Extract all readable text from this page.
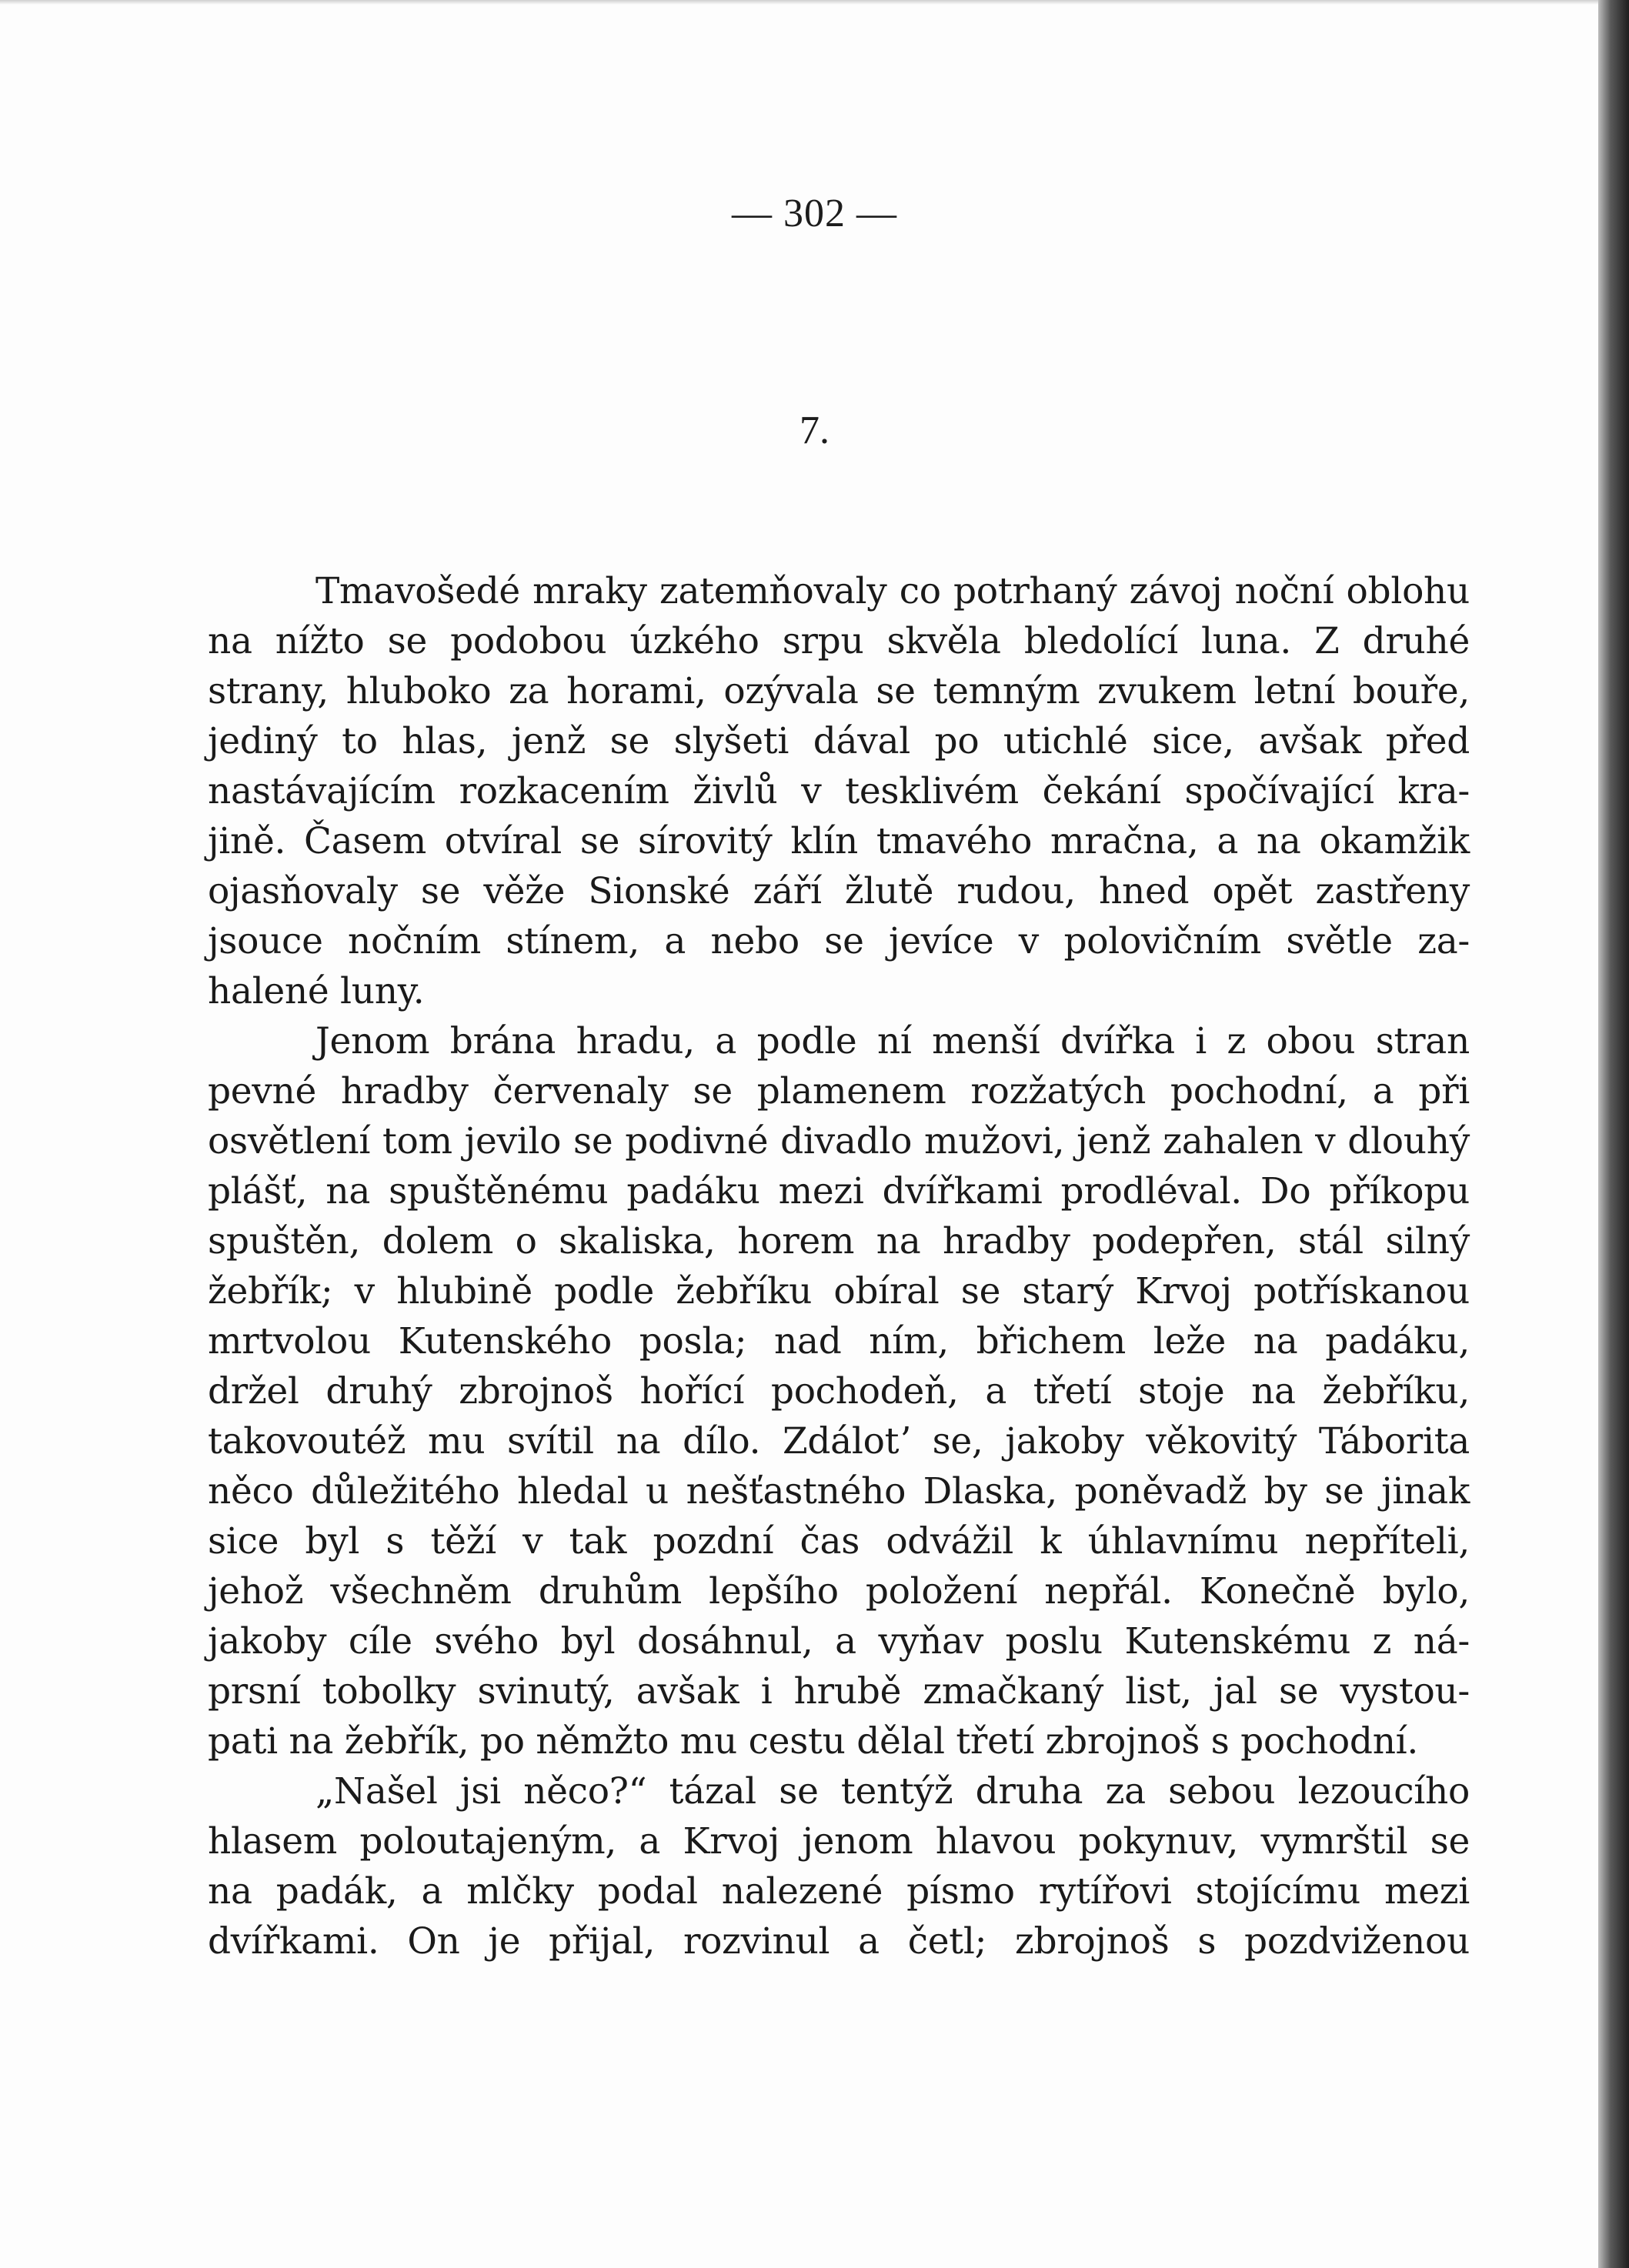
— 302 —
7.
Tmavošedé mraky zatemňovaly co potrhaný závoj noční oblohu
na nížto se podobou úzkého srpu skvěla bledolící luna. Z druhé
strany, hluboko za horami, ozývala se temným zvukem letní bouře,
jediný to hlas, jenž se slyšeti dával po utichlé sice, avšak před
nastávajícím rozkacením živlů v tesklivém čekání spočívající kra-
jině. Časem otvíral se sírovitý klín tmavého mračna, a na okamžik
ojasňovaly se věže Sionské září žlutě rudou, hned opět zastřeny
jsouce nočním stínem, a nebo se jevíce v polovičním světle za-
halené luny.
Jenom brána hradu, a podle ní menší dvířka i z obou stran
pevné hradby červenaly se plamenem rozžatých pochodní, a při
osvětlení tom jevilo se podivné divadlo mužovi, jenž zahalen v dlouhý
plášť, na spuštěnému padáku mezi dvířkami prodléval. Do příkopu
spuštěn, dolem o skaliska, horem na hradby podepřen, stál silný
žebřík; v hlubině podle žebříku obíral se starý Krvoj potřískanou
mrtvolou Kutenského posla; nad ním, břichem leže na padáku,
držel druhý zbrojnoš hořící pochodeň, a třetí stoje na žebříku,
takovoutéž mu svítil na dílo. Zdálotʼ se, jakoby věkovitý Táborita
něco důležitého hledal u nešťastného Dlaska, poněvadž by se jinak
sice byl s těží v tak pozdní čas odvážil k úhlavnímu nepříteli,
jehož všechněm druhům lepšího položení nepřál. Konečně bylo,
jakoby cíle svého byl dosáhnul, a vyňav poslu Kutenskému z ná-
prsní tobolky svinutý, avšak i hrubě zmačkaný list, jal se vystou-
pati na žebřík, po němžto mu cestu dělal třetí zbrojnoš s pochodní.
„Našel jsi něco?“ tázal se tentýž druha za sebou lezoucího
hlasem poloutajeným, a Krvoj jenom hlavou pokynuv, vymrštil se
na padák, a mlčky podal nalezené písmo rytířovi stojícímu mezi
dvířkami. On je přijal, rozvinul a četl; zbrojnoš s pozdviženou
